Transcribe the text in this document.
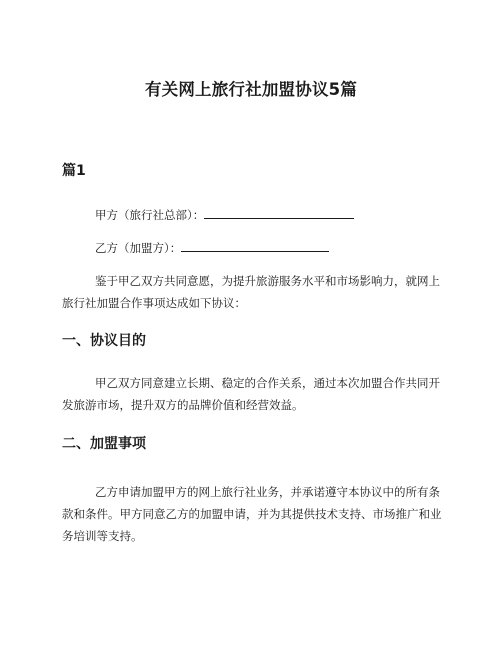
有关网上旅行社加盟协议5篇
篇1

甲方（旅行社总部）：

乙方（加盟方）：

鉴于甲乙双方共同意愿，为提升旅游服务水平和市场影响力，就网上旅行社加盟合作事项达成如下协议：

一、协议目的

甲乙双方同意建立长期、稳定的合作关系，通过本次加盟合作共同开发旅游市场，提升双方的品牌价值和经营效益。

二、加盟事项

乙方申请加盟甲方的网上旅行社业务，并承诺遵守本协议中的所有条款和条件。甲方同意乙方的加盟申请，并为其提供技术支持、市场推广和业务培训等支持。
